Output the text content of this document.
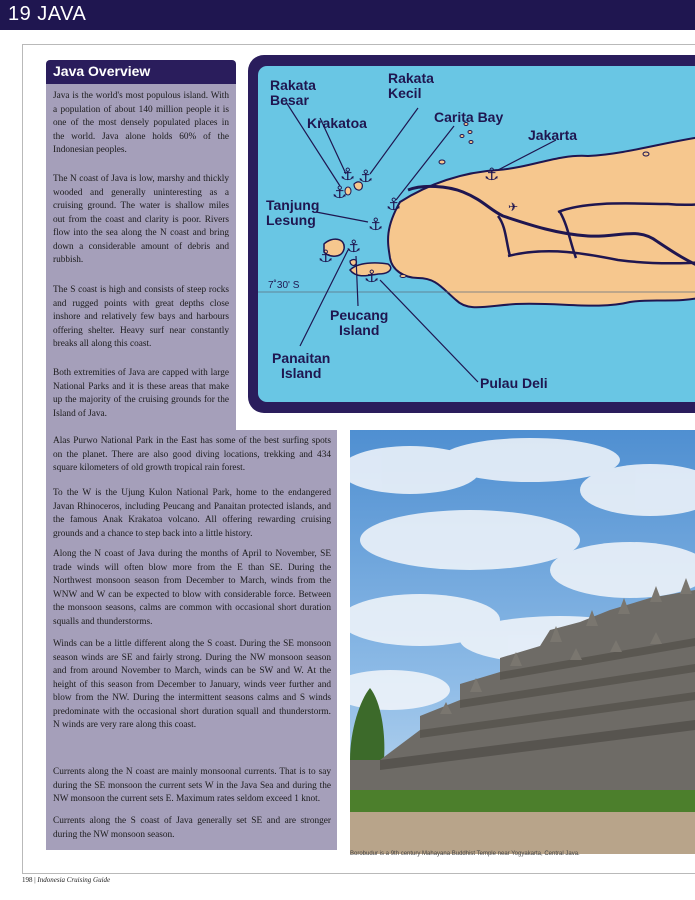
19 JAVA
Java Overview

Java is the world's most populous island. With a population of about 140 million people it is one of the most densely populated places in the world. Java alone holds 60% of the Indonesian peoples.

The N coast of Java is low, marshy and thickly wooded and generally uninteresting as a cruising ground. The water is shallow miles out from the coast and clarity is poor. Rivers flow into the sea along the N coast and bring down a considerable amount of debris and rubbish.

The S coast is high and consists of steep rocks and rugged points with great depths close inshore and relatively few bays and harbours offering shelter. Heavy surf near constantly breaks all along this coast.

Both extremities of Java are capped with large National Parks and it is these areas that make up the majority of the cruising grounds for the Island of Java.

Alas Purwo National Park in the East has some of the best surfing spots on the planet. There are also good diving locations, trekking and 434 square kilometers of old growth tropical rain forest.

To the W is the Ujung Kulon National Park, home to the endangered Javan Rhinoceros, including Peucang and Panaitan protected islands, and the famous Anak Krakatoa volcano. All offering rewarding cruising grounds and a chance to step back into a little history.

Along the N coast of Java during the months of April to November, SE trade winds will often blow more from the E than SE. During the Northwest monsoon season from December to March, winds from the WNW and W can be expected to blow with considerable force. Between the monsoon seasons, calms are common with occasional short duration squalls and thunderstorms.

Winds can be a little different along the S coast. During the SE monsoon season winds are SE and fairly strong. During the NW monsoon season and from around November to March, winds can be SW and W. At the height of this season from December to January, winds veer further and blow from the NW. During the intermittent seasons calms and S winds predominate with the occasional short duration squall and thunderstorm. N winds are very rare along this coast.

Currents along the N coast are mainly monsoonal currents. That is to say during the SE monsoon the current sets W in the Java Sea and during the NW monsoon the current sets E. Maximum rates seldom exceed 1 knot.

Currents along the S coast of Java generally set SE and are stronger during the NW monsoon season.

⚓
⚓ ⚓
⚓
⚓
⚓
⚓
⚓
⚓
✈

Rakata
Besar

Rakata
Kecil

Krakatoa	Carita Bay

Jakarta

Tanjung
Lesung

7˚30' S

Peucang
Island

Panaitan
Island

Pulau Deli

Borobudur is a 9th century Mahayana Buddhist Temple near Yogyakarta, Central Java.
198 | Indonesia Cruising Guide
